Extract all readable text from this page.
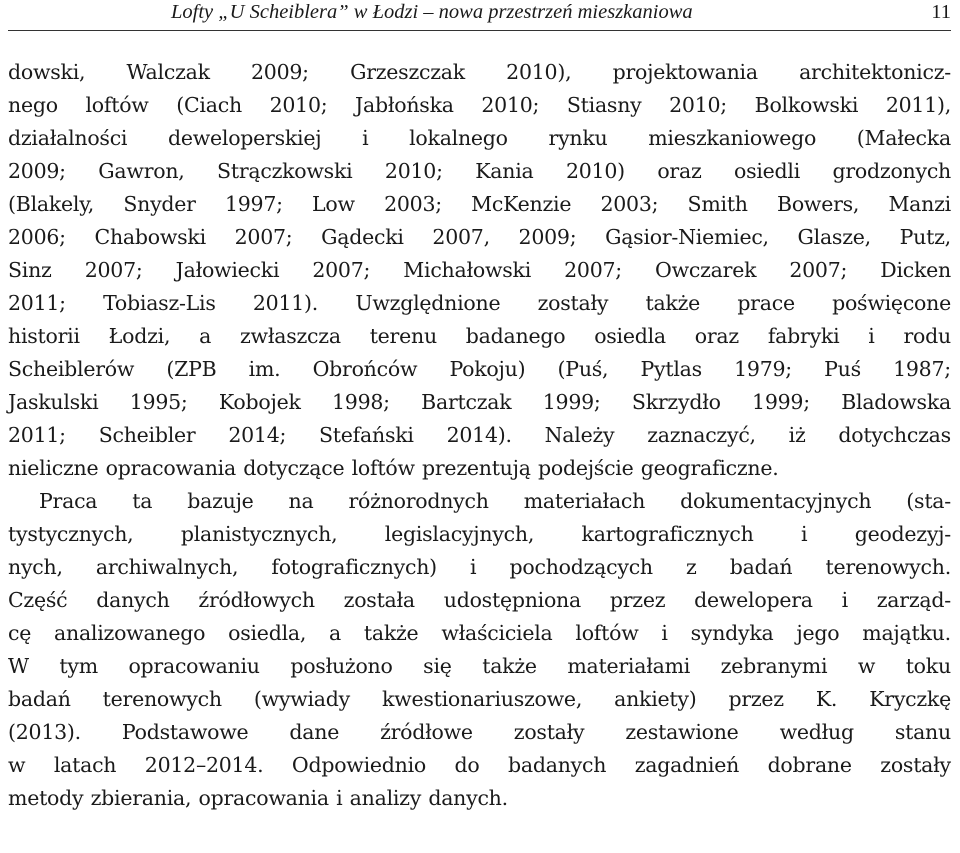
Lofty „U Scheiblera” w Łodzi – nowa przestrzeń mieszkaniowa	11
dowski, Walczak 2009; Grzeszczak 2010), projektowania architektonicz-
nego loftów (Ciach 2010; Jabłońska 2010; Stiasny 2010; Bolkowski 2011),
działalności deweloperskiej i lokalnego rynku mieszkaniowego (Małecka
2009; Gawron, Strączkowski 2010; Kania 2010) oraz osiedli grodzonych
(Blakely, Snyder 1997; Low 2003; McKenzie 2003; Smith Bowers, Manzi
2006; Chabowski 2007; Gądecki 2007, 2009; Gąsior-Niemiec, Glasze, Putz,
Sinz 2007; Jałowiecki 2007; Michałowski 2007; Owczarek 2007; Dicken
2011; Tobiasz-Lis 2011). Uwzględnione zostały także prace poświęcone
historii Łodzi, a zwłaszcza terenu badanego osiedla oraz fabryki i rodu
Scheiblerów (ZPB im. Obrońców Pokoju) (Puś, Pytlas 1979; Puś 1987;
Jaskulski 1995; Kobojek 1998; Bartczak 1999; Skrzydło 1999; Bladowska
2011; Scheibler 2014; Stefański 2014). Należy zaznaczyć, iż dotychczas
nieliczne opracowania dotyczące loftów prezentują podejście geograficzne.
Praca ta bazuje na różnorodnych materiałach dokumentacyjnych (sta-
tystycznych, planistycznych, legislacyjnych, kartograficznych i geodezyj-
nych, archiwalnych, fotograficznych) i pochodzących z badań terenowych.
Część danych źródłowych została udostępniona przez dewelopera i zarząd-
cę analizowanego osiedla, a także właściciela loftów i syndyka jego majątku.
W tym opracowaniu posłużono się także materiałami zebranymi w toku
badań terenowych (wywiady kwestionariuszowe, ankiety) przez K. Kryczkę
(2013). Podstawowe dane źródłowe zostały zestawione według stanu
w latach 2012–2014. Odpowiednio do badanych zagadnień dobrane zostały
metody zbierania, opracowania i analizy danych.
